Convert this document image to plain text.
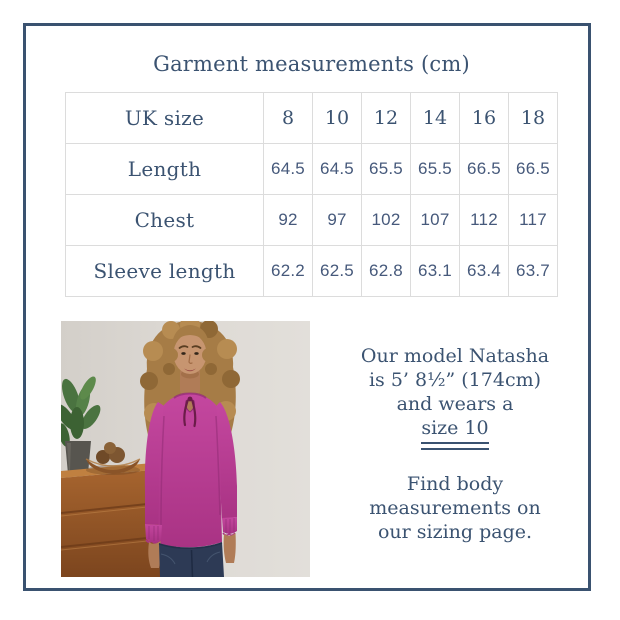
Garment measurements (cm)
UK size	8	10	12	14	16	18
Length	64.5	64.5	65.5	65.5	66.5	66.5
Chest	92	97	102	107	112	117
Sleeve length	62.2	62.5	62.8	63.1	63.4	63.7
Our model Natasha
is 5’ 8½” (174cm)
and wears a
size 10
Find body
measurements on
our sizing page.
